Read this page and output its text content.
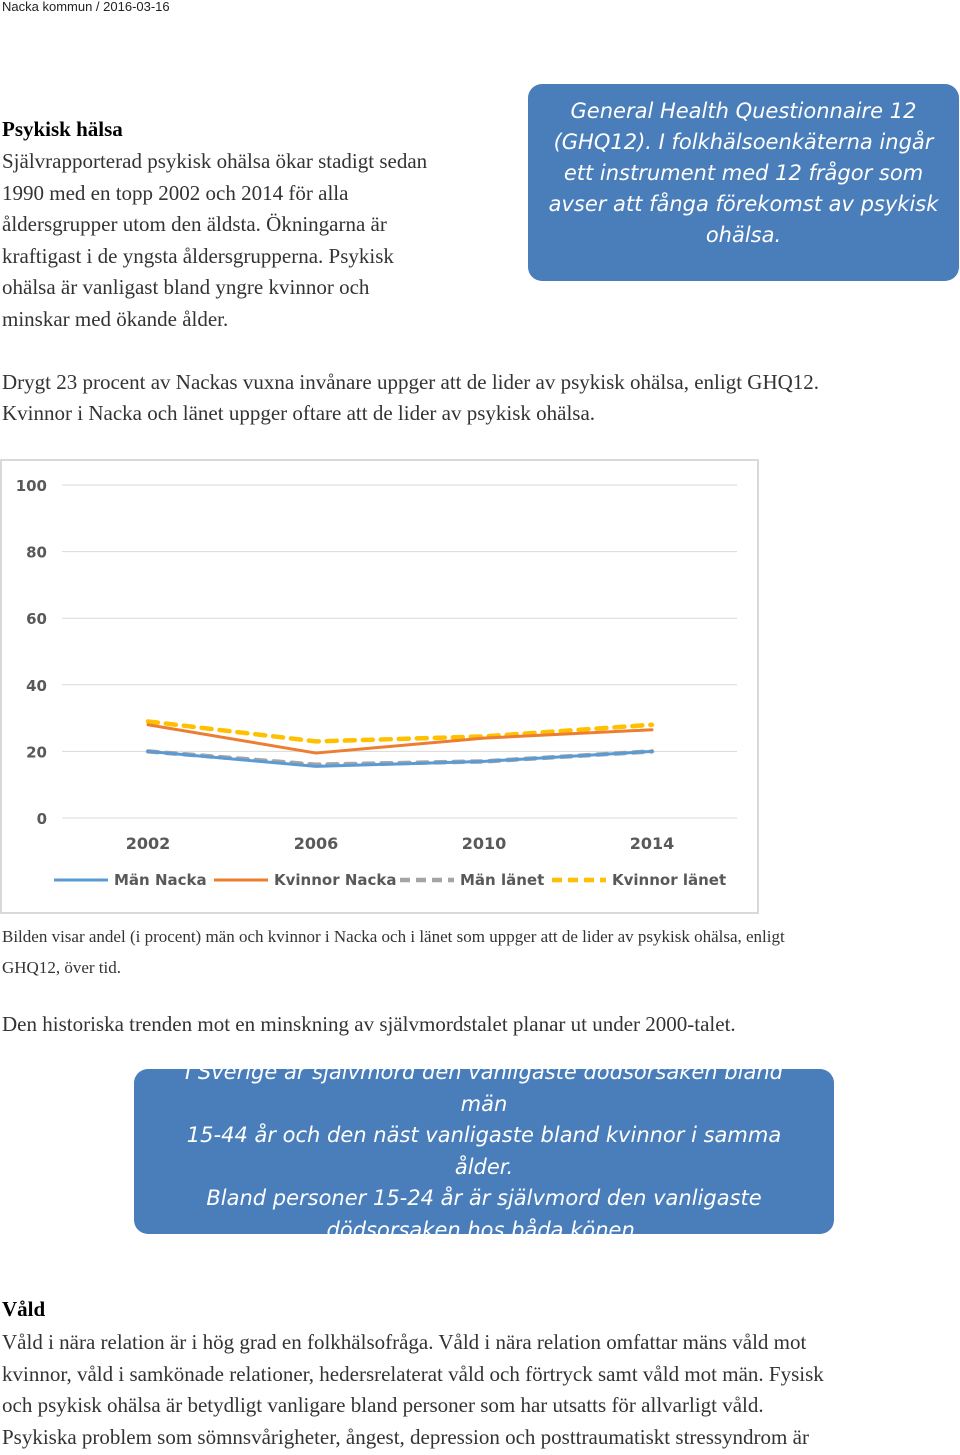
Nacka kommun / 2016-03-16
Psykisk hälsa
Självrapporterad psykisk ohälsa ökar stadigt sedan
1990 med en topp 2002 och 2014 för alla
åldersgrupper utom den äldsta. Ökningarna är
kraftigast i de yngsta åldersgrupperna. Psykisk
ohälsa är vanligast bland yngre kvinnor och
minskar med ökande ålder.
General Health Questionnaire 12
(GHQ12). I folkhälsoenkäterna ingår
ett instrument med 12 frågor som
avser att fånga förekomst av psykisk
ohälsa.
Drygt 23 procent av Nackas vuxna invånare uppger att de lider av psykisk ohälsa, enligt GHQ12.
Kvinnor i Nacka och länet uppger oftare att de lider av psykisk ohälsa.
0
20
40
60
80
100
2002	2006	2010	2014
Män Nacka	Kvinnor Nacka	Män länet	Kvinnor länet
Bilden visar andel (i procent) män och kvinnor i Nacka och i länet som uppger att de lider av psykisk ohälsa, enligt
GHQ12, över tid.
Den historiska trenden mot en minskning av självmordstalet planar ut under 2000-talet.
I Sverige är självmord den vanligaste dödsorsaken bland män
15-44 år och den näst vanligaste bland kvinnor i samma ålder.
Bland personer 15-24 år är självmord den vanligaste
dödsorsaken hos båda könen.
Våld
Våld i nära relation är i hög grad en folkhälsofråga. Våld i nära relation omfattar mäns våld mot
kvinnor, våld i samkönade relationer, hedersrelaterat våld och förtryck samt våld mot män. Fysisk
och psykisk ohälsa är betydligt vanligare bland personer som har utsatts för allvarligt våld.
Psykiska problem som sömnsvårigheter, ångest, depression och posttraumatiskt stressyndrom är
